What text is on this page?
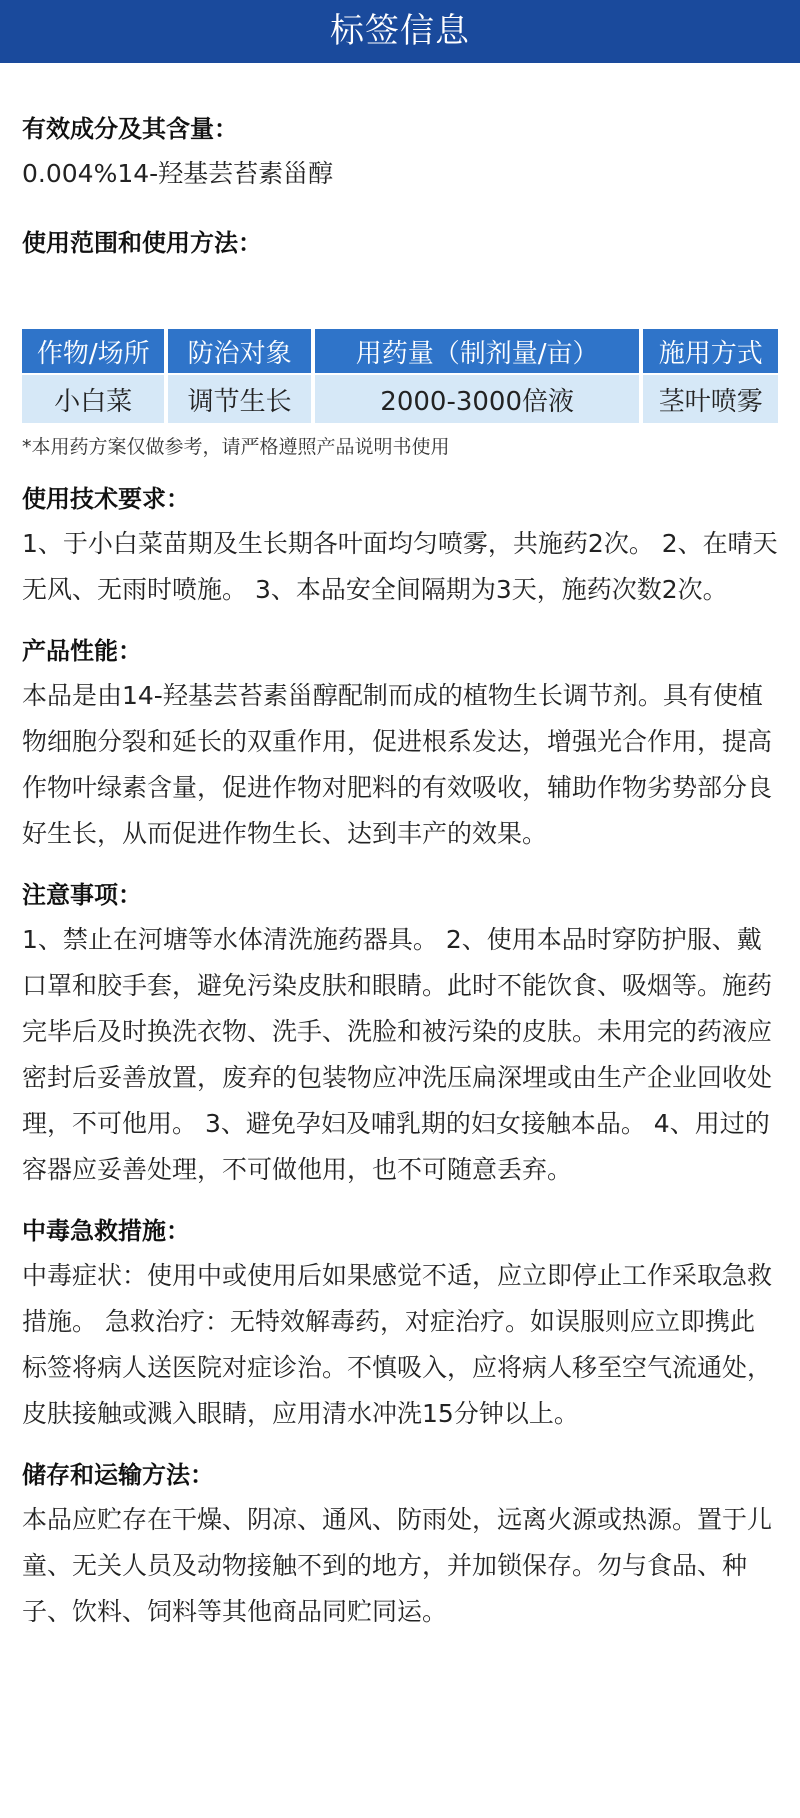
标签信息
有效成分及其含量：
0.004%14-羟基芸苔素甾醇
使用范围和使用方法：
作物/场所	防治对象	用药量（制剂量/亩）	施用方式
小白菜	调节生长	2000-3000倍液	茎叶喷雾
*本用药方案仅做参考，请严格遵照产品说明书使用
使用技术要求：
1、于小白菜苗期及生长期各叶面均匀喷雾，共施药2次。 2、在晴天无风、无雨时喷施。 3、本品安全间隔期为3天，施药次数2次。
产品性能：
本品是由14-羟基芸苔素甾醇配制而成的植物生长调节剂。具有使植物细胞分裂和延长的双重作用，促进根系发达，增强光合作用，提高作物叶绿素含量，促进作物对肥料的有效吸收，辅助作物劣势部分良好生长，从而促进作物生长、达到丰产的效果。
注意事项：
1、禁止在河塘等水体清洗施药器具。 2、使用本品时穿防护服、戴口罩和胶手套，避免污染皮肤和眼睛。此时不能饮食、吸烟等。施药完毕后及时换洗衣物、洗手、洗脸和被污染的皮肤。未用完的药液应密封后妥善放置，废弃的包装物应冲洗压扁深埋或由生产企业回收处理，不可他用。 3、避免孕妇及哺乳期的妇女接触本品。 4、用过的容器应妥善处理，不可做他用，也不可随意丢弃。
中毒急救措施：
中毒症状：使用中或使用后如果感觉不适，应立即停止工作采取急救措施。 急救治疗：无特效解毒药，对症治疗。如误服则应立即携此标签将病人送医院对症诊治。不慎吸入，应将病人移至空气流通处，皮肤接触或溅入眼睛，应用清水冲洗15分钟以上。
储存和运输方法：
本品应贮存在干燥、阴凉、通风、防雨处，远离火源或热源。置于儿童、无关人员及动物接触不到的地方，并加锁保存。勿与食品、种子、饮料、饲料等其他商品同贮同运。
